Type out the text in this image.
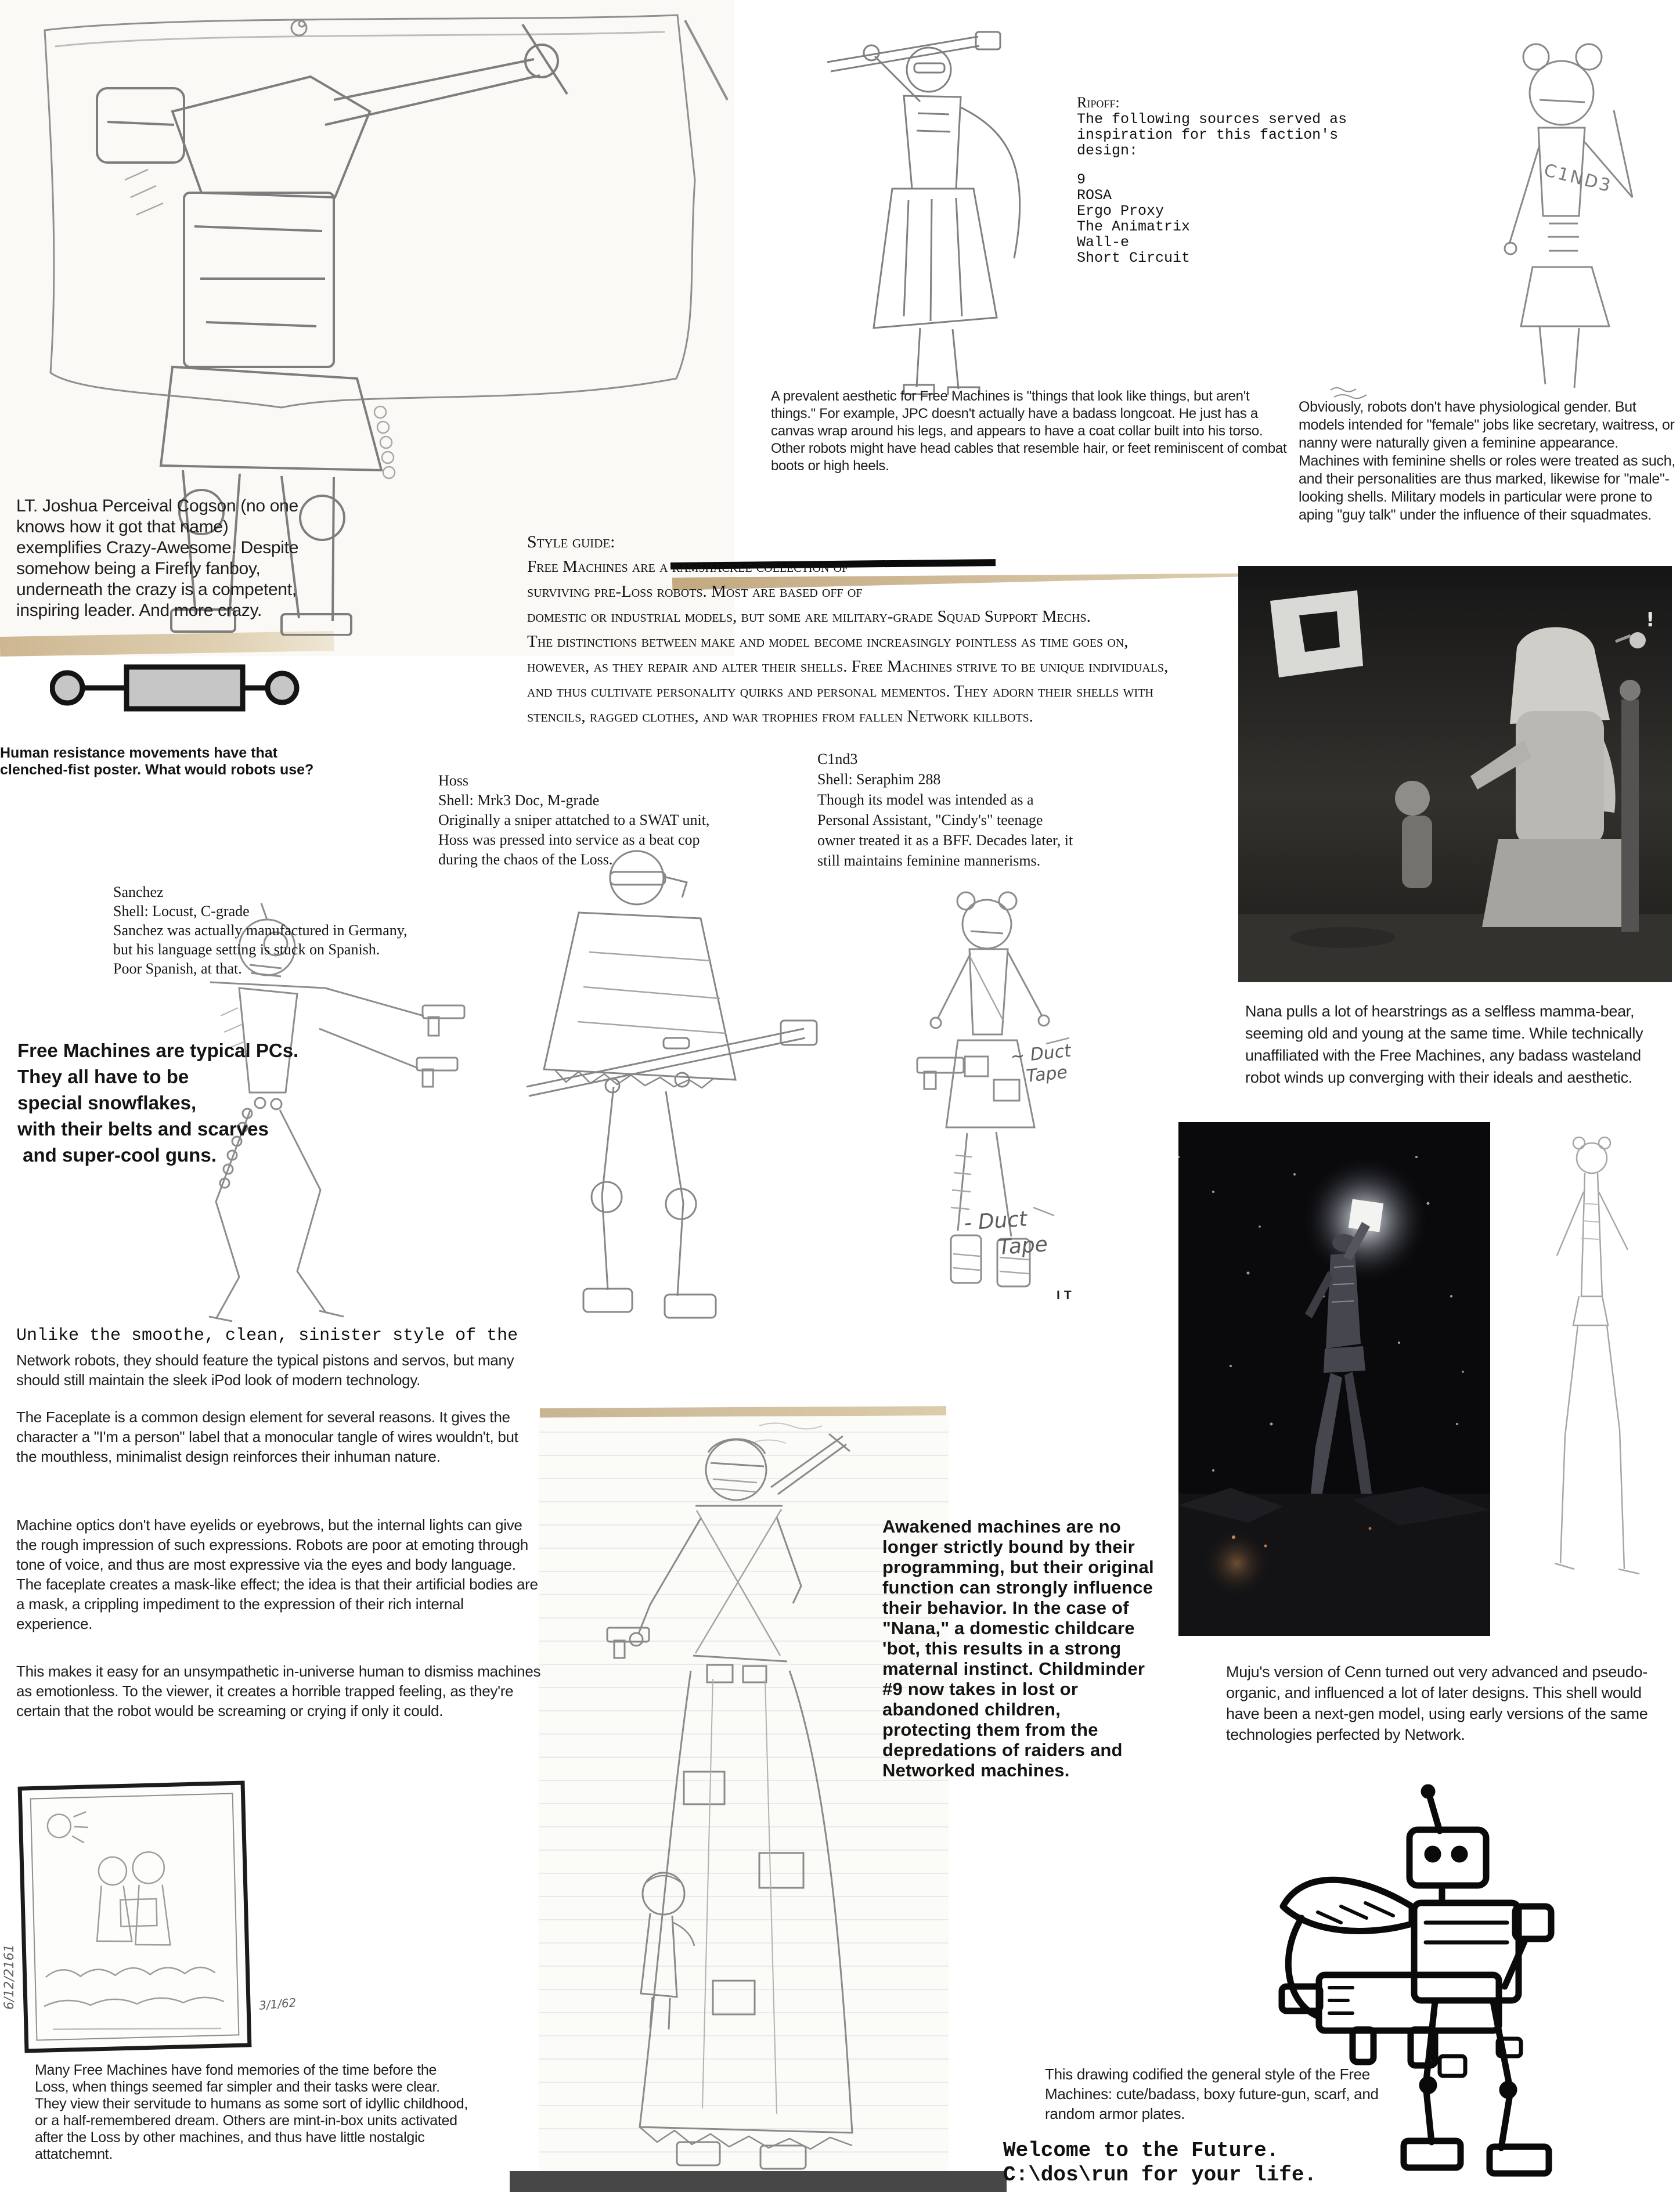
C1ND3
!
LT. Joshua Perceival Cogson (no one knows how it got that name) exemplifies Crazy-Awesome. Despite somehow being a Firefly fanboy, underneath the crazy is a competent, inspiring leader. And more crazy.
Ripoff:
The following sources served as
inspiration for this faction's
design:
9
ROSA
Ergo Proxy
The Animatrix
Wall-e
Short Circuit
A prevalent aesthetic for Free Machines is "things that look like things, but aren't things." For example, JPC doesn't actually have a badass longcoat. He just has a canvas wrap around his legs, and appears to have a coat collar built into his torso. Other robots might have head cables that resemble hair, or feet reminiscent of combat boots or high heels.
Obviously, robots don't have physiological gender. But models intended for "female" jobs like secretary, waitress, or nanny were naturally given a feminine appearance. Machines with feminine shells or roles were treated as such, and their personalities are thus marked, likewise for "male"-looking shells. Military models in particular were prone to aping "guy talk" under the influence of their squadmates.
Style guide:
Free Machines are a ramshackle collection of
surviving pre-Loss robots. Most are based off of
domestic or industrial models, but some are military-grade Squad Support Mechs.
The distinctions between make and model become increasingly pointless as time goes on,
however, as they repair and alter their shells. Free Machines strive to be unique individuals,
and thus cultivate personality quirks and personal mementos. They adorn their shells with
stencils, ragged clothes, and war trophies from fallen Network killbots.
Human resistance movements have that clenched-fist poster. What would robots use?
Hoss
Shell: Mrk3 Doc, M-grade
Originally a sniper attatched to a SWAT unit,
Hoss was pressed into service as a beat cop
during the chaos of the Loss.
C1nd3
Shell: Seraphim 288
Though its model was intended as a
Personal Assistant, "Cindy's" teenage
owner treated it as a BFF. Decades later, it
still maintains feminine mannerisms.
Sanchez
Shell: Locust, C-grade
Sanchez was actually manufactured in Germany,
but his language setting is stuck on Spanish.
Poor Spanish, at that.
Free Machines are typical PCs.
They all have to be
special snowflakes,
with their belts and scarves
and super-cool guns.
Nana pulls a lot of hearstrings as a selfless mamma-bear, seeming old and young at the same time. While technically unaffiliated with the Free Machines, any badass wasteland robot winds up converging with their ideals and aesthetic.
~ Duct
Tape
- Duct
Tape
IT
Unlike the smoothe, clean, sinister style of the
Network robots, they should feature the typical pistons and servos, but many should still maintain the sleek iPod look of modern technology.
The Faceplate is a common design element for several reasons. It gives the character a "I'm a person" label that a monocular tangle of wires wouldn't, but the mouthless, minimalist design reinforces their inhuman nature.
Machine optics don't have eyelids or eyebrows, but the internal lights can give the rough impression of such expressions. Robots are poor at emoting through tone of voice, and thus are most expressive via the eyes and body language. The faceplate creates a mask-like effect; the idea is that their artificial bodies are a mask, a crippling impediment to the expression of their rich internal experience.
This makes it easy for an unsympathetic in-universe human to dismiss machines as emotionless. To the viewer, it creates a horrible trapped feeling, as they're certain that the robot would be screaming or crying if only it could.
Awakened machines are no longer strictly bound by their programming, but their original function can strongly influence their behavior. In the case of "Nana," a domestic childcare 'bot, this results in a strong maternal instinct. Childminder #9 now takes in lost or abandoned children, protecting them from the depredations of raiders and Networked machines.
Muju's version of Cenn turned out very advanced and pseudo-organic, and influenced a lot of later designs. This shell would have been a next-gen model, using early versions of the same technologies perfected by Network.
Many Free Machines have fond memories of the time before the Loss, when things seemed far simpler and their tasks were clear. They view their servitude to humans as some sort of idyllic childhood, or a half-remembered dream. Others are mint-in-box units activated after the Loss by other machines, and thus have little nostalgic attatchemnt.
This drawing codified the general style of the Free Machines: cute/badass, boxy future-gun, scarf, and random armor plates.
Welcome to the Future.
C:\dos\run for your life.
6/12/2161	3/1/62
